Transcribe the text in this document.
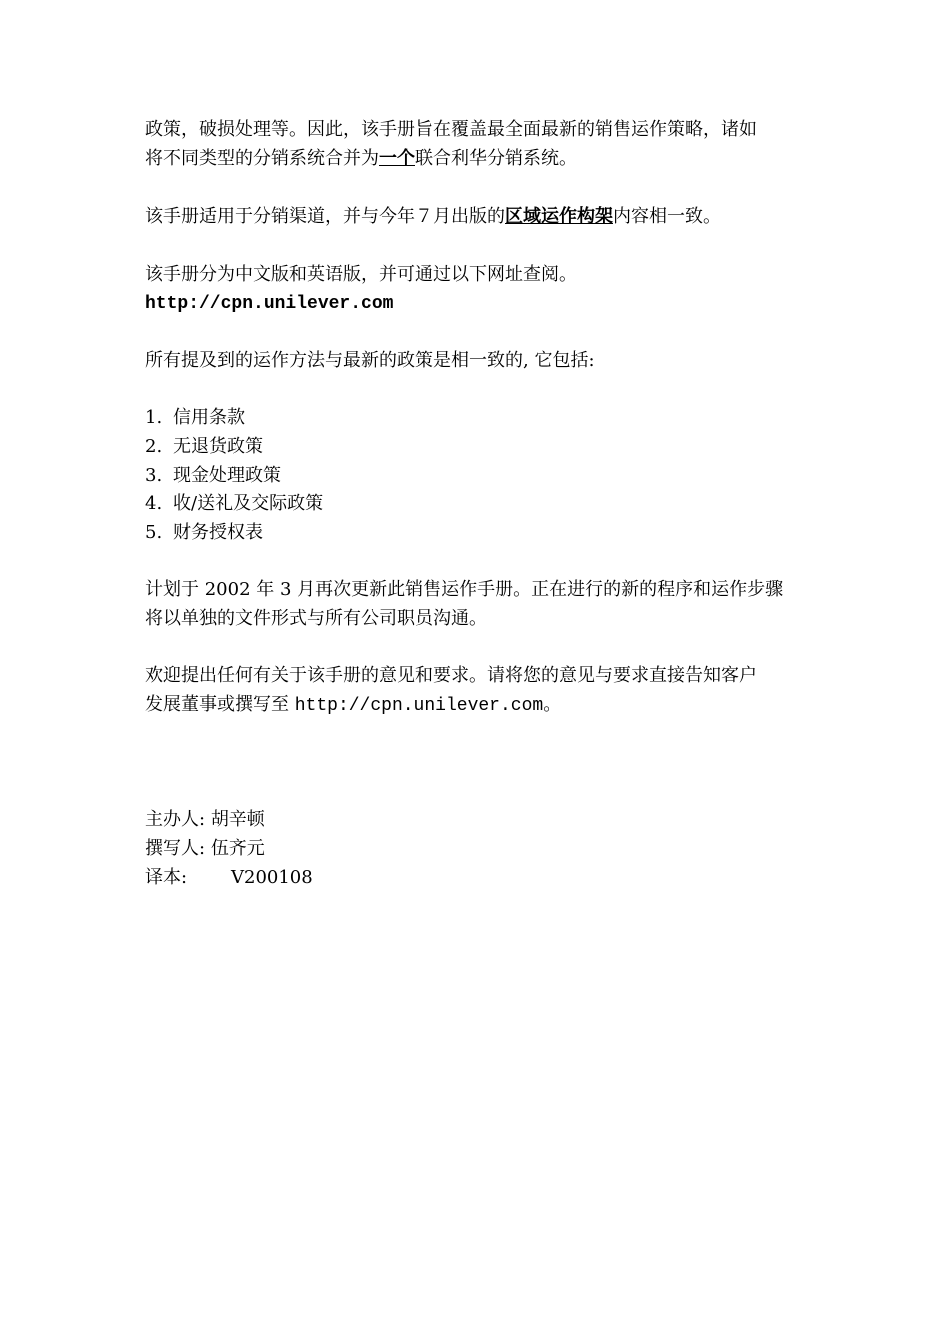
政策，破损处理等。因此，该手册旨在覆盖最全面最新的销售运作策略，诸如
将不同类型的分销系统合并为一个联合利华分销系统。
该手册适用于分销渠道，并与今年７月出版的区域运作构架内容相一致。
该手册分为中文版和英语版，并可通过以下网址查阅。
http://cpn.unilever.com
所有提及到的运作方法与最新的政策是相一致的, 它包括:
1. 信用条款
2. 无退货政策
3. 现金处理政策
4. 收/送礼及交际政策
5. 财务授权表
计划于 2002 年 3 月再次更新此销售运作手册。正在进行的新的程序和运作步骤
将以单独的文件形式与所有公司职员沟通。
欢迎提出任何有关于该手册的意见和要求。请将您的意见与要求直接告知客户
发展董事或撰写至 http://cpn.unilever.com。
主办人: 胡辛顿
撰写人: 伍齐元
译本: V200108
